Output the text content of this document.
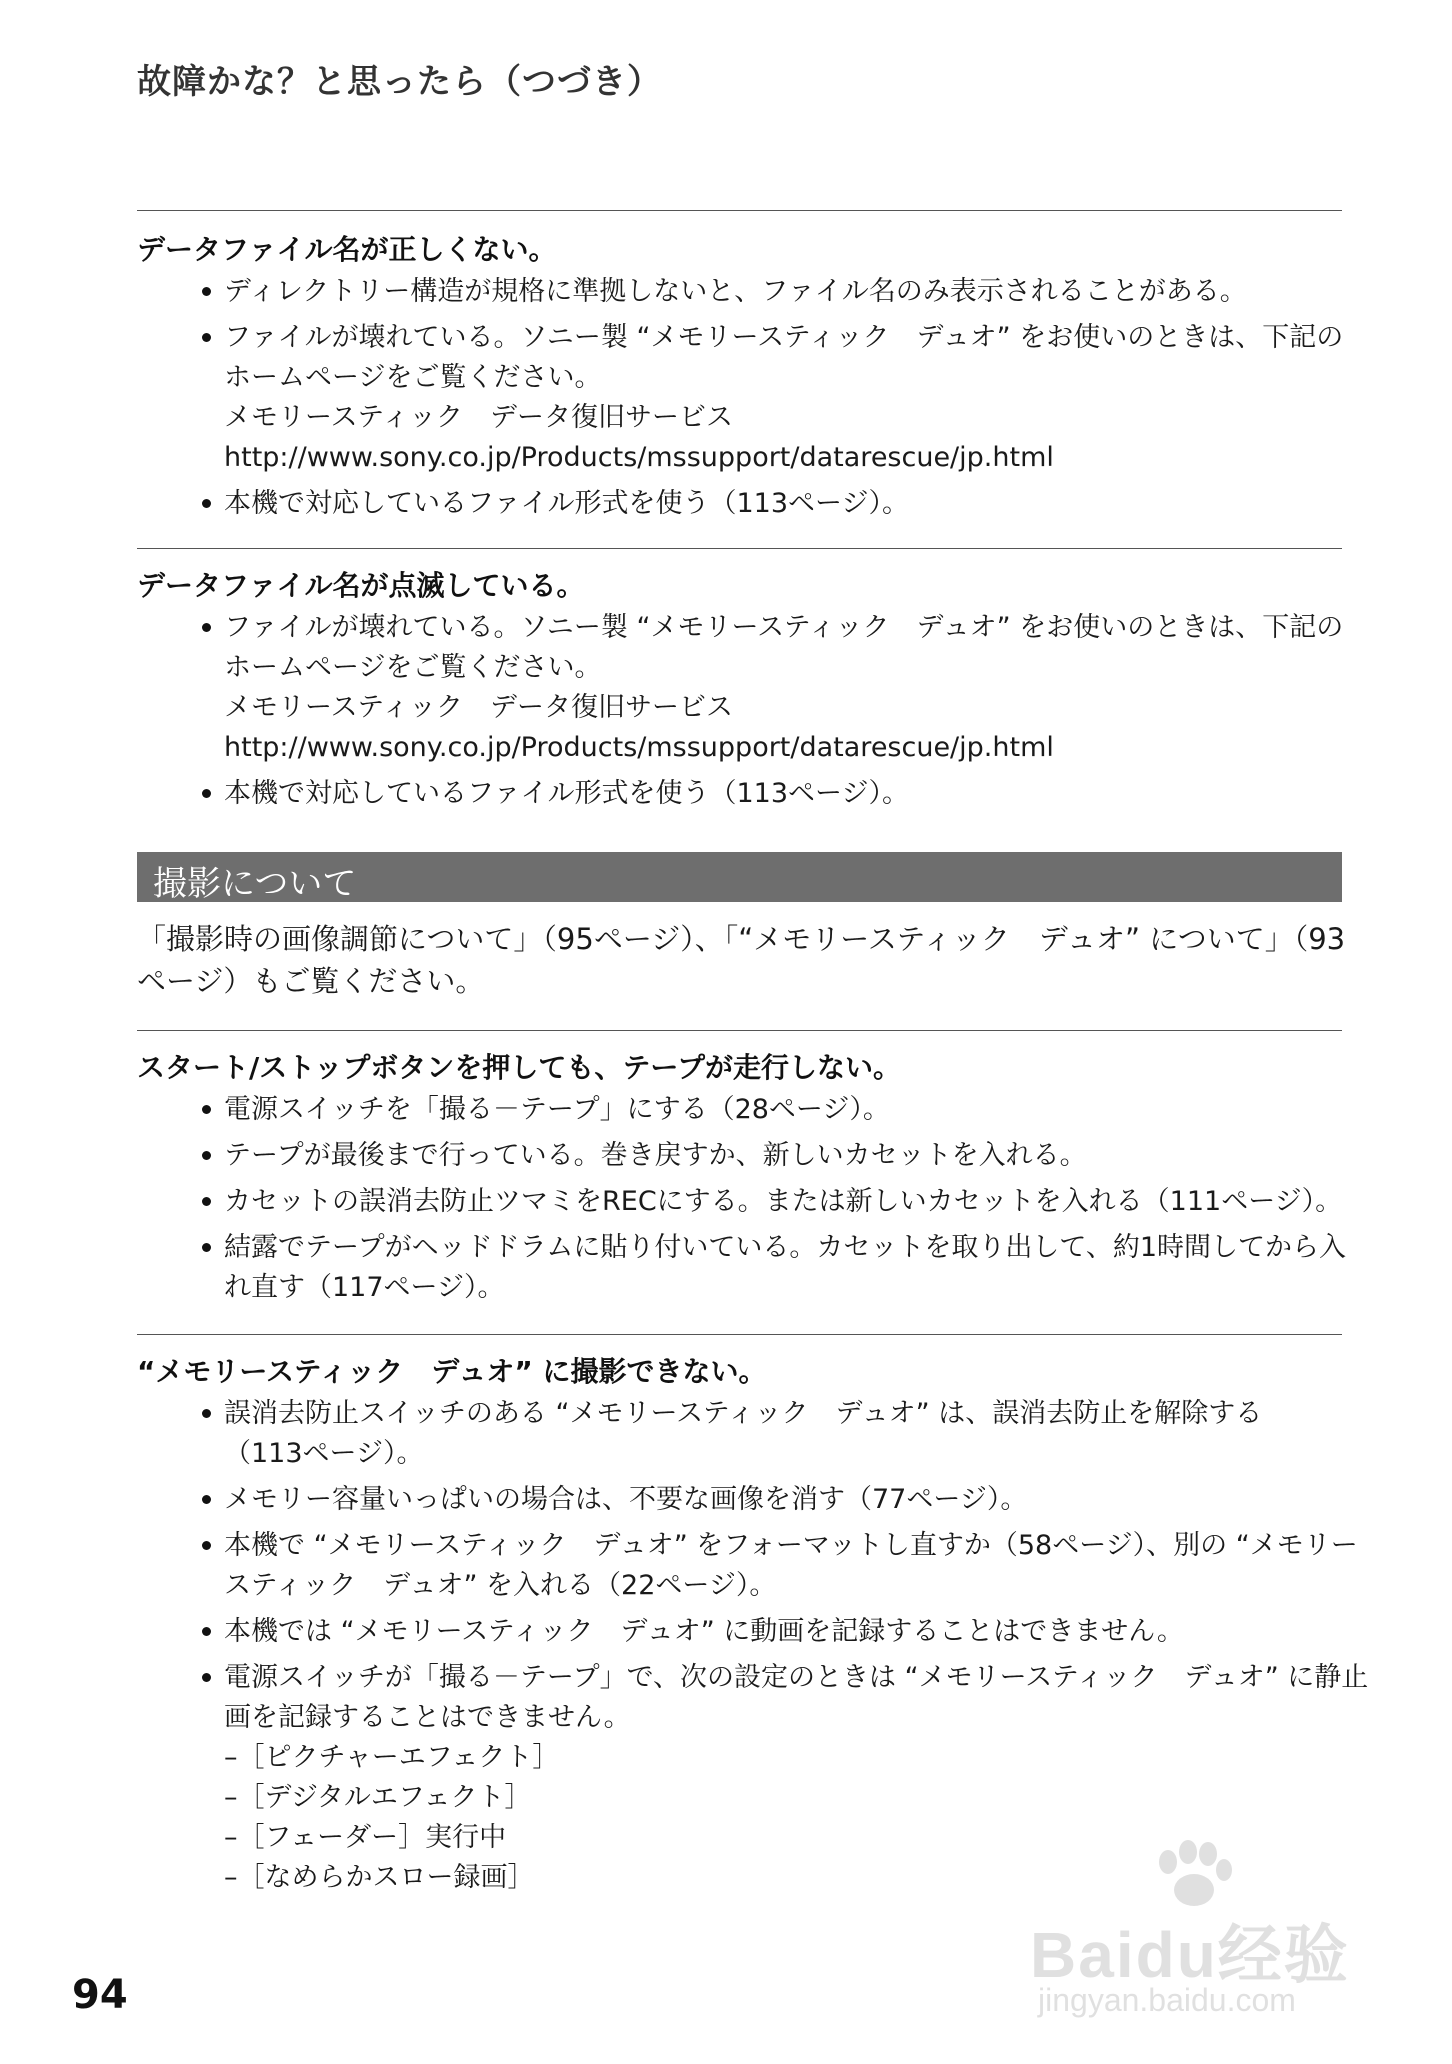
故障かな？と思ったら（つづき）
データファイル名が正しくない。
ディレクトリー構造が規格に準拠しないと、ファイル名のみ表示されることがある。
ファイルが壊れている。ソニー製 “メモリースティック　デュオ” をお使いのときは、下記の
ホームページをご覧ください。
メモリースティック　データ復旧サービス
http://www.sony.co.jp/Products/mssupport/datarescue/jp.html
本機で対応しているファイル形式を使う（113ページ）。
データファイル名が点滅している。
ファイルが壊れている。ソニー製 “メモリースティック　デュオ” をお使いのときは、下記の
ホームページをご覧ください。
メモリースティック　データ復旧サービス
http://www.sony.co.jp/Products/mssupport/datarescue/jp.html
本機で対応しているファイル形式を使う（113ページ）。
撮影について
「撮影時の画像調節について」（95ページ）、「“メモリースティック　デュオ” について」（93
ページ）もご覧ください。
スタート/ストップボタンを押しても、テープが走行しない。
電源スイッチを「撮る－テープ」にする（28ページ）。
テープが最後まで行っている。巻き戻すか、新しいカセットを入れる。
カセットの誤消去防止ツマミをRECにする。または新しいカセットを入れる（111ページ）。
結露でテープがヘッドドラムに貼り付いている。カセットを取り出して、約1時間してから入
れ直す（117ページ）。
“メモリースティック　デュオ” に撮影できない。
誤消去防止スイッチのある “メモリースティック　デュオ” は、誤消去防止を解除する
（113ページ）。
メモリー容量いっぱいの場合は、不要な画像を消す（77ページ）。
本機で “メモリースティック　デュオ” をフォーマットし直すか（58ページ）、別の “メモリー
スティック　デュオ” を入れる（22ページ）。
本機では “メモリースティック　デュオ” に動画を記録することはできません。
電源スイッチが「撮る－テープ」で、次の設定のときは “メモリースティック　デュオ” に静止
画を記録することはできません。
–［ピクチャーエフェクト］
–［デジタルエフェクト］
–［フェーダー］実行中
–［なめらかスロー録画］
94
Baidu经验
jingyan.baidu.com
